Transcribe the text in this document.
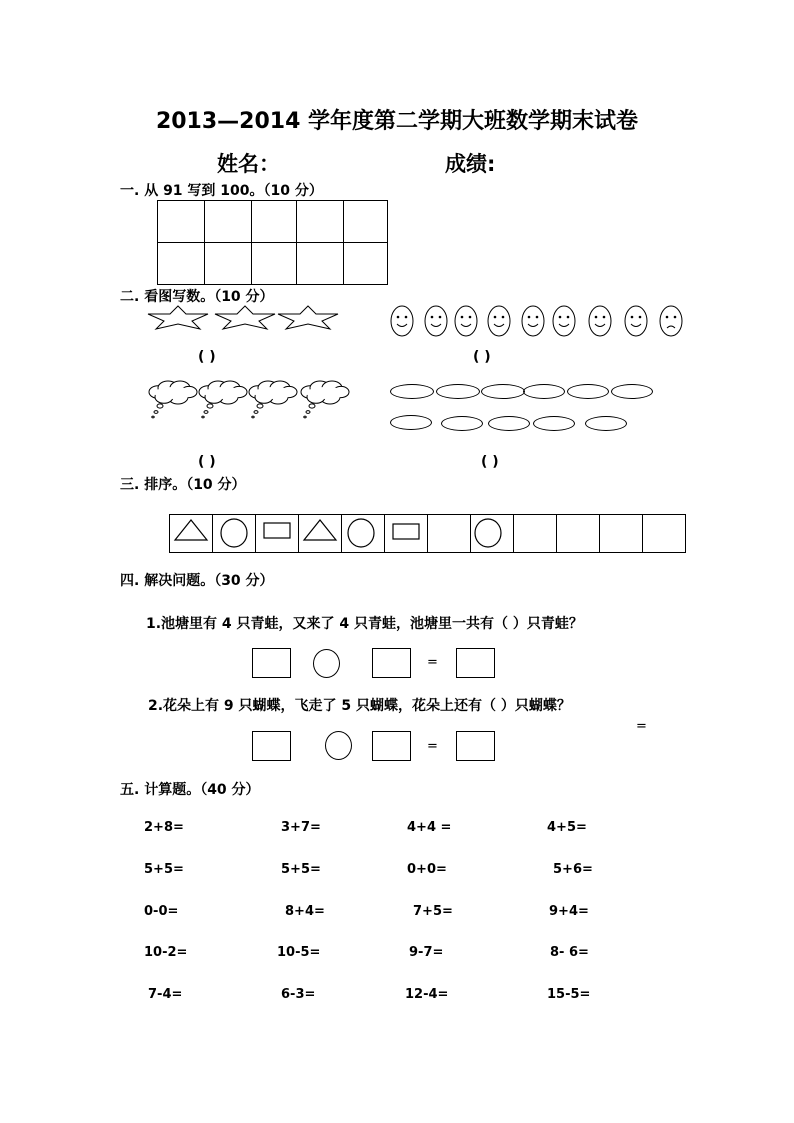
2013—2014 学年度第二学期大班数学期末试卷
姓名：	成绩:
一. 从 91 写到 100。（10 分）

二. 看图写数。（10 分）
( )	( )
( )	( )
三. 排序。（10 分）

四. 解决问题。（30 分）
1.池塘里有 4 只青蛙，又来了 4 只青蛙，池塘里一共有（ ）只青蛙？
=
2.花朵上有 9 只蝴蝶，飞走了 5 只蝴蝶，花朵上还有（ ）只蝴蝶？
=
=
五. 计算题。（40 分）
2+8=	3+7=	4+4 =	4+5=
5+5=	5+5=	0+0=	5+6=
0-0=	8+4=	7+5=	9+4=
10-2=	10-5=	9-7=	8- 6=
7-4=	6-3=	12-4=	15-5=
